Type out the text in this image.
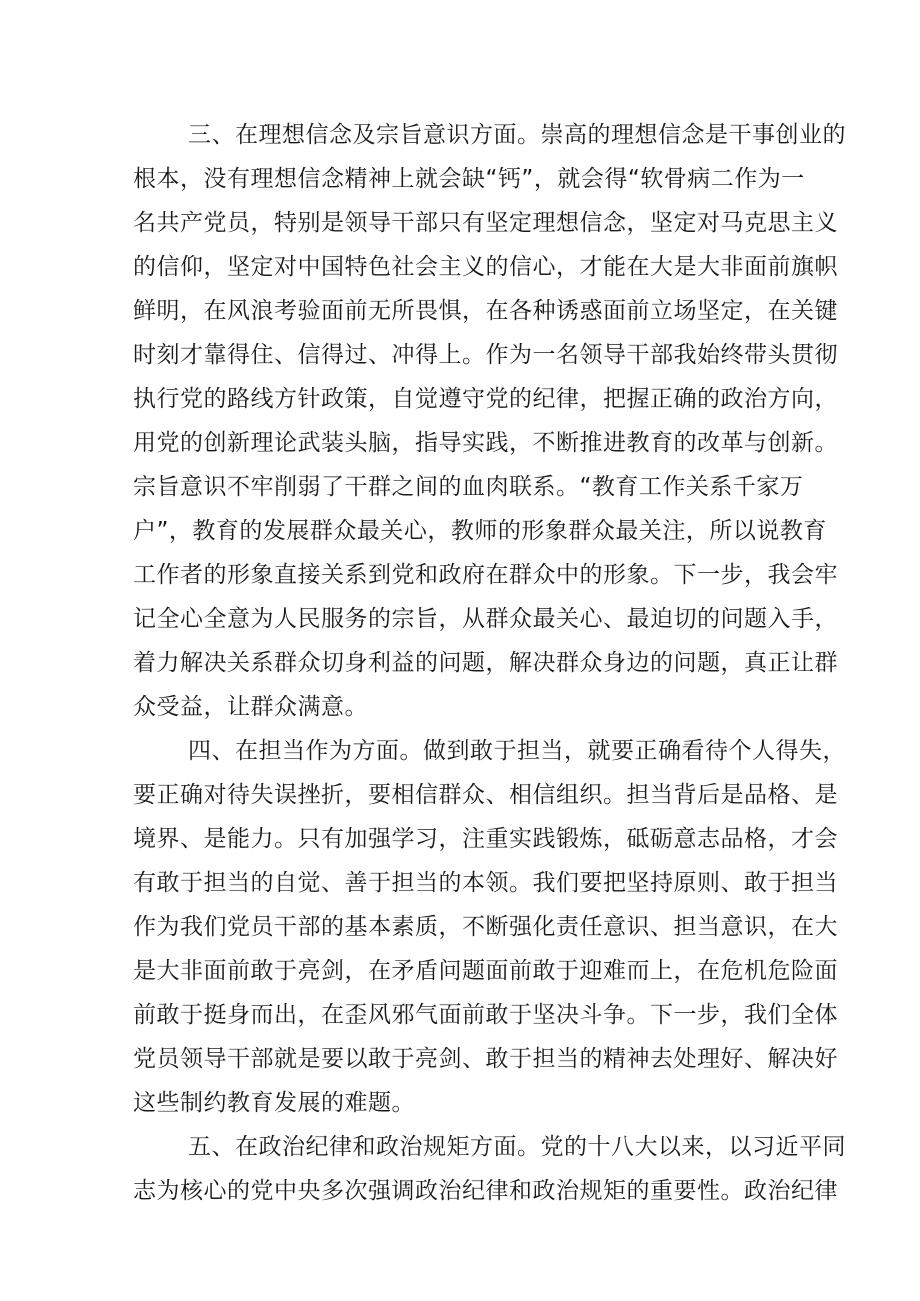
三、在理想信念及宗旨意识方面。崇高的理想信念是干事创业的
根本，没有理想信念精神上就会缺“钙”，就会得“软骨病二作为一
名共产党员，特别是领导干部只有坚定理想信念，坚定对马克思主义
的信仰，坚定对中国特色社会主义的信心，才能在大是大非面前旗帜
鲜明，在风浪考验面前无所畏惧，在各种诱惑面前立场坚定，在关键
时刻才靠得住、信得过、冲得上。作为一名领导干部我始终带头贯彻
执行党的路线方针政策，自觉遵守党的纪律，把握正确的政治方向，
用党的创新理论武装头脑，指导实践，不断推进教育的改革与创新。
宗旨意识不牢削弱了干群之间的血肉联系。“教育工作关系千家万
户”，教育的发展群众最关心，教师的形象群众最关注，所以说教育
工作者的形象直接关系到党和政府在群众中的形象。下一步，我会牢
记全心全意为人民服务的宗旨，从群众最关心、最迫切的问题入手，
着力解决关系群众切身利益的问题，解决群众身边的问题，真正让群
众受益，让群众满意。
四、在担当作为方面。做到敢于担当，就要正确看待个人得失，
要正确对待失误挫折，要相信群众、相信组织。担当背后是品格、是
境界、是能力。只有加强学习，注重实践锻炼，砥砺意志品格，才会
有敢于担当的自觉、善于担当的本领。我们要把坚持原则、敢于担当
作为我们党员干部的基本素质，不断强化责任意识、担当意识，在大
是大非面前敢于亮剑，在矛盾问题面前敢于迎难而上，在危机危险面
前敢于挺身而出，在歪风邪气面前敢于坚决斗争。下一步，我们全体
党员领导干部就是要以敢于亮剑、敢于担当的精神去处理好、解决好
这些制约教育发展的难题。
五、在政治纪律和政治规矩方面。党的十八大以来，以习近平同
志为核心的党中央多次强调政治纪律和政治规矩的重要性。政治纪律
